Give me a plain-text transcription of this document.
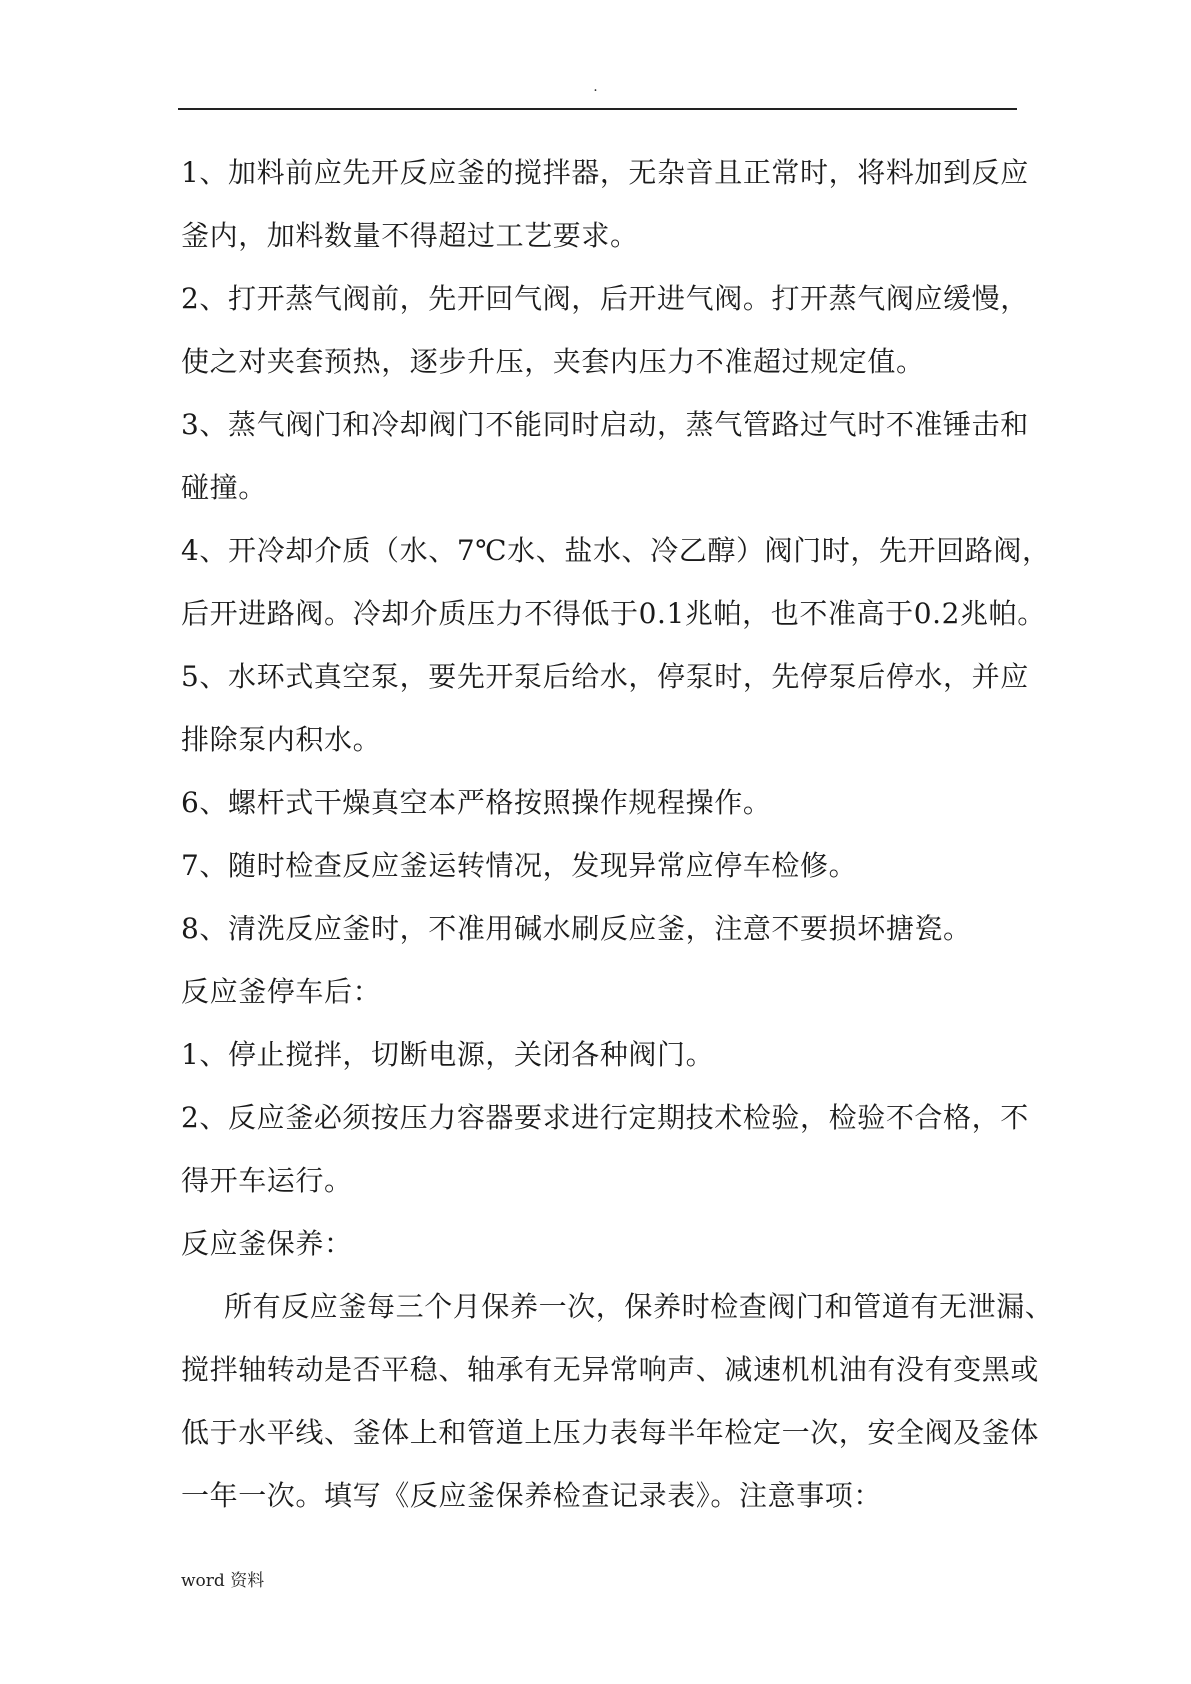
.
1、加料前应先开反应釜的搅拌器，无杂音且正常时，将料加到反应
釜内，加料数量不得超过工艺要求。
2、打开蒸气阀前，先开回气阀，后开进气阀。打开蒸气阀应缓慢，
使之对夹套预热，逐步升压，夹套内压力不准超过规定值。
3、蒸气阀门和冷却阀门不能同时启动，蒸气管路过气时不准锤击和
碰撞。
4、开冷却介质（水、7℃水、盐水、冷乙醇）阀门时，先开回路阀，
后开进路阀。冷却介质压力不得低于0.1兆帕，也不准高于0.2兆帕。
5、水环式真空泵，要先开泵后给水，停泵时，先停泵后停水，并应
排除泵内积水。
6、螺杆式干燥真空本严格按照操作规程操作。
7、随时检查反应釜运转情况，发现异常应停车检修。
8、清洗反应釜时，不准用碱水刷反应釜，注意不要损坏搪瓷。
反应釜停车后：
1、停止搅拌，切断电源，关闭各种阀门。
2、反应釜必须按压力容器要求进行定期技术检验，检验不合格，不
得开车运行。
反应釜保养：
所有反应釜每三个月保养一次，保养时检查阀门和管道有无泄漏、
搅拌轴转动是否平稳、轴承有无异常响声、减速机机油有没有变黑或
低于水平线、釜体上和管道上压力表每半年检定一次，安全阀及釜体
一年一次。填写《反应釜保养检查记录表》。注意事项：
word 资料
